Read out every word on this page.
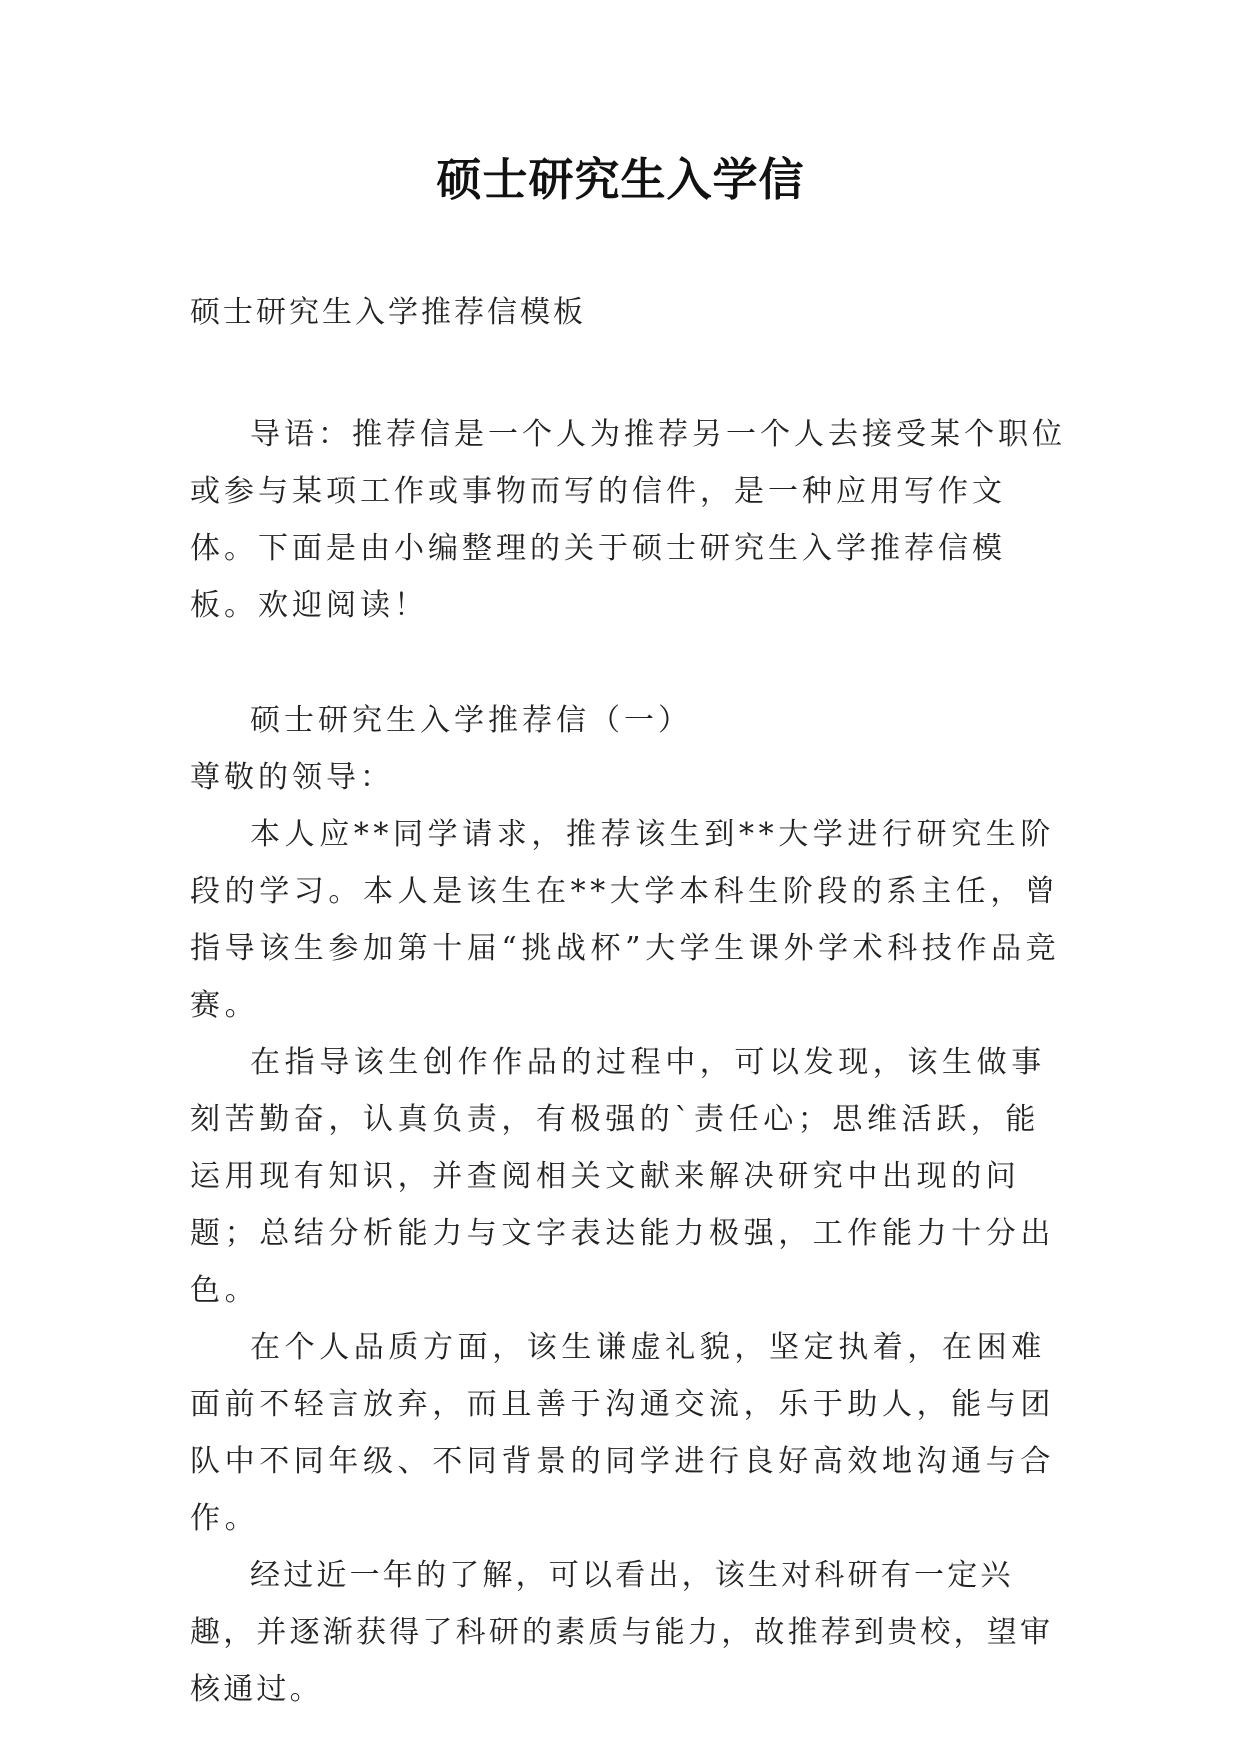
硕士研究生入学信
硕士研究生入学推荐信模板

导语：推荐信是一个人为推荐另一个人去接受某个职位或参与某项工作或事物而写的信件，是一种应用写作文体。下面是由小编整理的关于硕士研究生入学推荐信模板。欢迎阅读！

硕士研究生入学推荐信（一）

尊敬的领导：

本人应**同学请求，推荐该生到**大学进行研究生阶段的学习。本人是该生在**大学本科生阶段的系主任，曾指导该生参加第十届“挑战杯”大学生课外学术科技作品竞赛。

在指导该生创作作品的过程中，可以发现，该生做事刻苦勤奋，认真负责，有极强的`责任心；思维活跃，能运用现有知识，并查阅相关文献来解决研究中出现的问题；总结分析能力与文字表达能力极强，工作能力十分出色。

在个人品质方面，该生谦虚礼貌，坚定执着，在困难面前不轻言放弃，而且善于沟通交流，乐于助人，能与团队中不同年级、不同背景的同学进行良好高效地沟通与合作。

经过近一年的了解，可以看出，该生对科研有一定兴趣，并逐渐获得了科研的素质与能力，故推荐到贵校，望审核通过。
